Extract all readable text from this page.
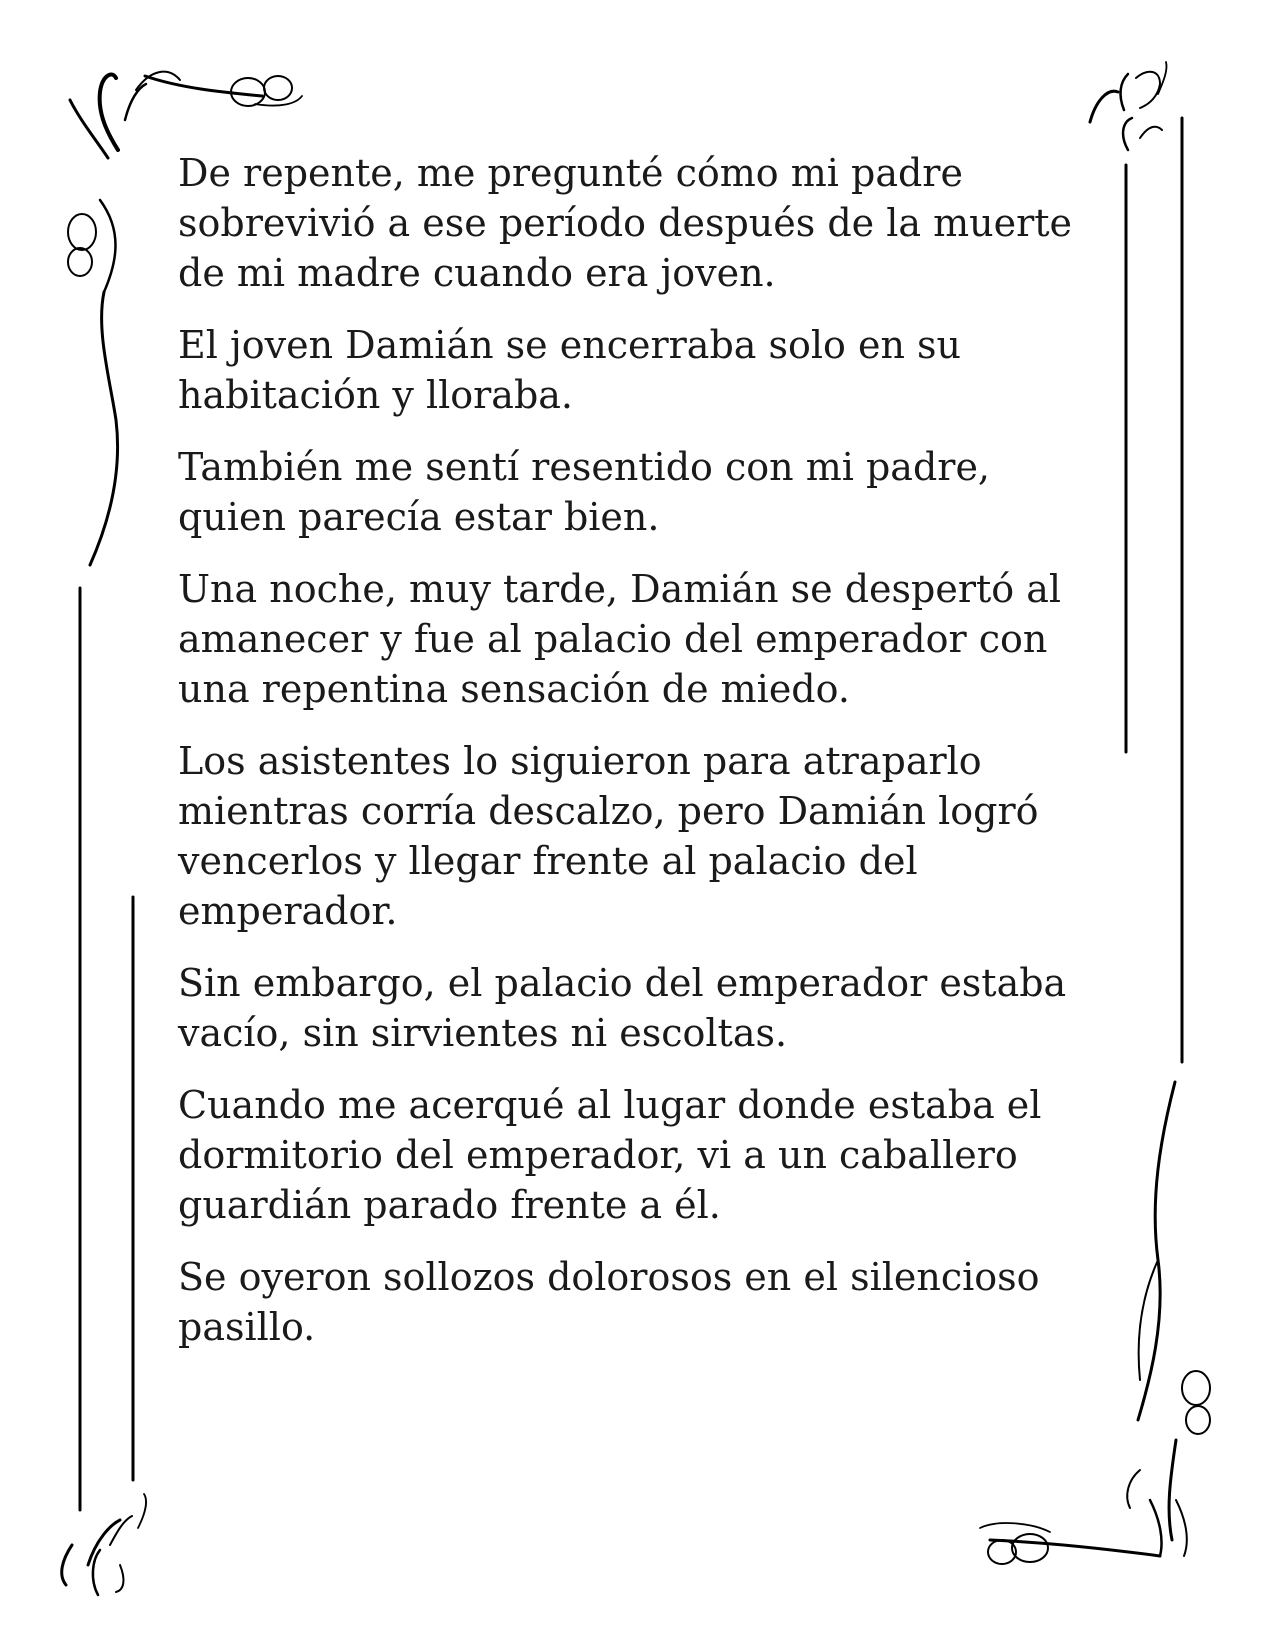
De repente, me pregunté cómo mi padre
sobrevivió a ese período después de la muerte
de mi madre cuando era joven.

El joven Damián se encerraba solo en su
habitación y lloraba.

También me sentí resentido con mi padre,
quien parecía estar bien.

Una noche, muy tarde, Damián se despertó al
amanecer y fue al palacio del emperador con
una repentina sensación de miedo.

Los asistentes lo siguieron para atraparlo
mientras corría descalzo, pero Damián logró
vencerlos y llegar frente al palacio del
emperador.

Sin embargo, el palacio del emperador estaba
vacío, sin sirvientes ni escoltas.

Cuando me acerqué al lugar donde estaba el
dormitorio del emperador, vi a un caballero
guardián parado frente a él.

Se oyeron sollozos dolorosos en el silencioso
pasillo.
